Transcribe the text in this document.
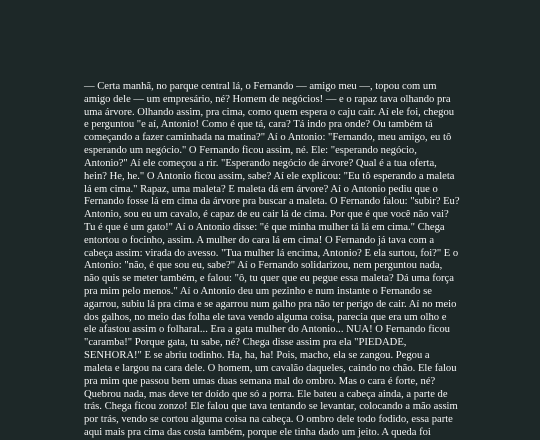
— Certa manhã, no parque central lá, o Fernando — amigo meu —, topou com um amigo dele — um empresário, né? Homem de negócios! — e o rapaz tava olhando pra uma árvore. Olhando assim, pra cima, como quem espera o caju cair. Aí ele foi, chegou e perguntou "e aí, Antonio! Como é que tá, cara? Tá indo pra onde? Ou também tá começando a fazer caminhada na matina?" Aí o Antonio: "Fernando, meu amigo, eu tô esperando um negócio." O Fernando ficou assim, né. Ele: "esperando negócio, Antonio?" Aí ele começou a rir. "Esperando negócio de árvore? Qual é a tua oferta, hein? He, he." O Antonio ficou assim, sabe? Aí ele explicou: "Eu tô esperando a maleta lá em cima." Rapaz, uma maleta? E maleta dá em árvore? Aí o Antonio pediu que o Fernando fosse lá em cima da árvore pra buscar a maleta. O Fernando falou: "subir? Eu? Antonio, sou eu um cavalo, é capaz de eu cair lá de cima. Por que é que você não vai? Tu é que é um gato!" Aí o Antonio disse: "é que minha mulher tá lá em cima." Chega entortou o focinho, assim. A mulher do cara lá em cima! O Fernando já tava com a cabeça assim: virada do avesso. "Tua mulher lá encima, Antonio? E ela surtou, foi?" E o Antonio: "não, é que sou eu, sabe?" Aí o Fernando solidarizou, nem perguntou nada, não quis se meter também, e falou: "ô, tu quer que eu pegue essa maleta? Dá uma força pra mim pelo menos." Aí o Antonio deu um pezinho e num instante o Fernando se agarrou, subiu lá pra cima e se agarrou num galho pra não ter perigo de cair. Aí no meio dos galhos, no meio das folha ele tava vendo alguma coisa, parecia que era um olho e ele afastou assim o folharal... Era a gata mulher do Antonio... NUA! O Fernando ficou "caramba!" Porque gata, tu sabe, né? Chega disse assim pra ela "PIEDADE, SENHORA!" E se abriu todinho. Ha, ha, ha! Pois, macho, ela se zangou. Pegou a maleta e largou na cara dele. O homem, um cavalão daqueles, caindo no chão. Ele falou pra mim que passou bem umas duas semana mal do ombro. Mas o cara é forte, né? Quebrou nada, mas deve ter doído que só a porra. Ele bateu a cabeça ainda, a parte de trás. Chega ficou zonzo! Ele falou que tava tentando se levantar, colocando a mão assim por trás, vendo se cortou alguma coisa na cabeça. O ombro dele todo fodido, essa parte aqui mais pra cima das costa também, porque ele tinha dado um jeito. A queda foi
